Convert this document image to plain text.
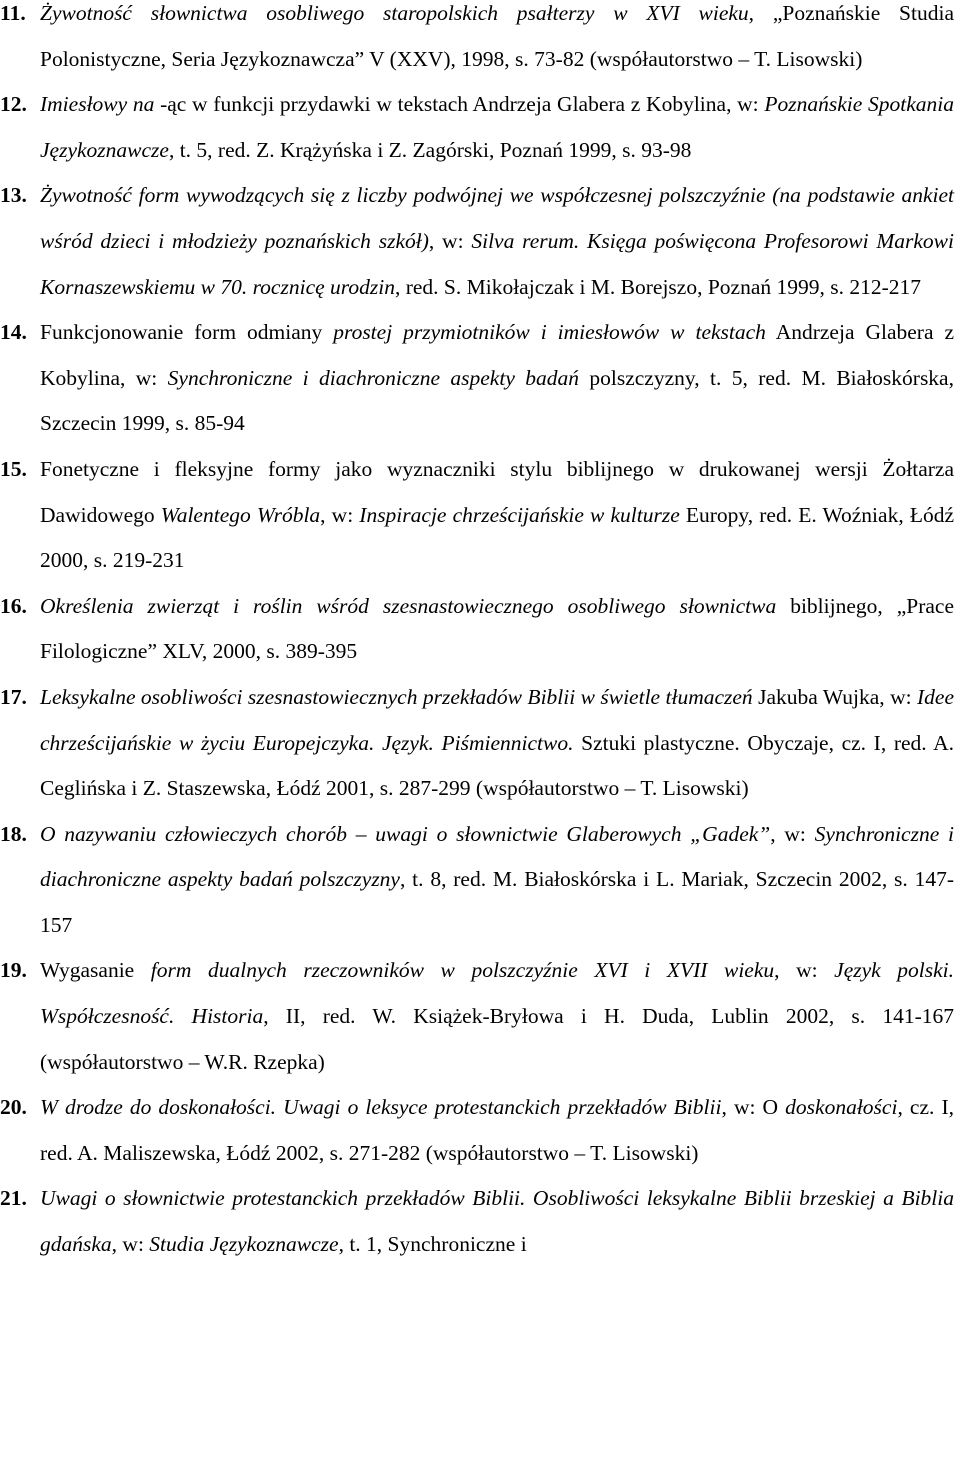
11. Żywotność słownictwa osobliwego staropolskich psałterzy w XVI wieku, „Poznańskie Studia Polonistyczne, Seria Językoznawcza” V (XXV), 1998, s. 73-82 (współautorstwo – T. Lisowski)

12. Imiesłowy na -ąc w funkcji przydawki w tekstach Andrzeja Glabera z Kobylina, w: Poznańskie Spotkania Językoznawcze, t. 5, red. Z. Krążyńska i Z. Zagórski, Poznań 1999, s. 93-98

13. Żywotność form wywodzących się z liczby podwójnej we współczesnej polszczyźnie (na podstawie ankiet wśród dzieci i młodzieży poznańskich szkół), w: Silva rerum. Księga poświęcona Profesorowi Markowi Kornaszewskiemu w 70. rocznicę urodzin, red. S. Mikołajczak i M. Borejszo, Poznań 1999, s. 212-217

14. Funkcjonowanie form odmiany prostej przymiotników i imiesłowów w tekstach Andrzeja Glabera z Kobylina, w: Synchroniczne i diachroniczne aspekty badań polszczyzny, t. 5, red. M. Białoskórska, Szczecin 1999, s. 85-94

15. Fonetyczne i fleksyjne formy jako wyznaczniki stylu biblijnego w drukowanej wersji Żołtarza Dawidowego Walentego Wróbla, w: Inspiracje chrześcijańskie w kulturze Europy, red. E. Woźniak, Łódź 2000, s. 219-231

16. Określenia zwierząt i roślin wśród szesnastowiecznego osobliwego słownictwa biblijnego, „Prace Filologiczne” XLV, 2000, s. 389-395

17. Leksykalne osobliwości szesnastowiecznych przekładów Biblii w świetle tłumaczeń Jakuba Wujka, w: Idee chrześcijańskie w życiu Europejczyka. Język. Piśmiennictwo. Sztuki plastyczne. Obyczaje, cz. I, red. A. Ceglińska i Z. Staszewska, Łódź 2001, s. 287-299 (współautorstwo – T. Lisowski)

18. O nazywaniu człowieczych chorób – uwagi o słownictwie Glaberowych „Gadek”, w: Synchroniczne i diachroniczne aspekty badań polszczyzny, t. 8, red. M. Białoskórska i L. Mariak, Szczecin 2002, s. 147-157

19. Wygasanie form dualnych rzeczowników w polszczyźnie XVI i XVII wieku, w: Język polski. Współczesność. Historia, II, red. W. Książek-Bryłowa i H. Duda, Lublin 2002, s. 141-167 (współautorstwo – W.R. Rzepka)

20. W drodze do doskonałości. Uwagi o leksyce protestanckich przekładów Biblii, w: O doskonałości, cz. I, red. A. Maliszewska, Łódź 2002, s. 271-282 (współautorstwo – T. Lisowski)

21. Uwagi o słownictwie protestanckich przekładów Biblii. Osobliwości leksykalne Biblii brzeskiej a Biblia gdańska, w: Studia Językoznawcze, t. 1, Synchroniczne i
